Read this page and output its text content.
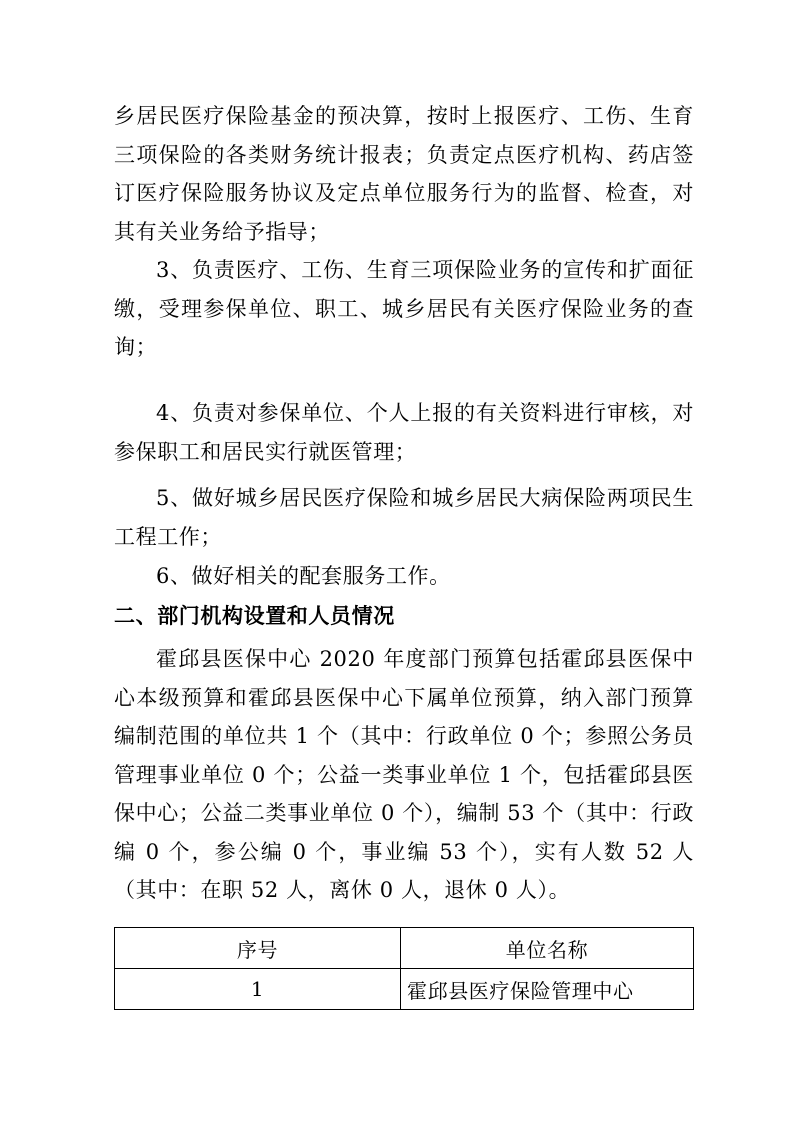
乡居民医疗保险基金的预决算，按时上报医疗、工伤、生育三项保险的各类财务统计报表；负责定点医疗机构、药店签订医疗保险服务协议及定点单位服务行为的监督、检查，对其有关业务给予指导；

3、负责医疗、工伤、生育三项保险业务的宣传和扩面征缴，受理参保单位、职工、城乡居民有关医疗保险业务的查询；

4、负责对参保单位、个人上报的有关资料进行审核，对参保职工和居民实行就医管理；

5、做好城乡居民医疗保险和城乡居民大病保险两项民生工程工作；

6、做好相关的配套服务工作。

二、部门机构设置和人员情况

霍邱县医保中心 2020 年度部门预算包括霍邱县医保中心本级预算和霍邱县医保中心下属单位预算，纳入部门预算编制范围的单位共 1 个（其中：行政单位 0 个；参照公务员管理事业单位 0 个；公益一类事业单位 1 个，包括霍邱县医保中心；公益二类事业单位 0 个），编制 53 个（其中：行政编 0 个，参公编 0 个，事业编 53 个），实有人数 52 人（其中：在职 52 人，离休 0 人，退休 0 人）。

序号	单位名称
1	霍邱县医疗保险管理中心
